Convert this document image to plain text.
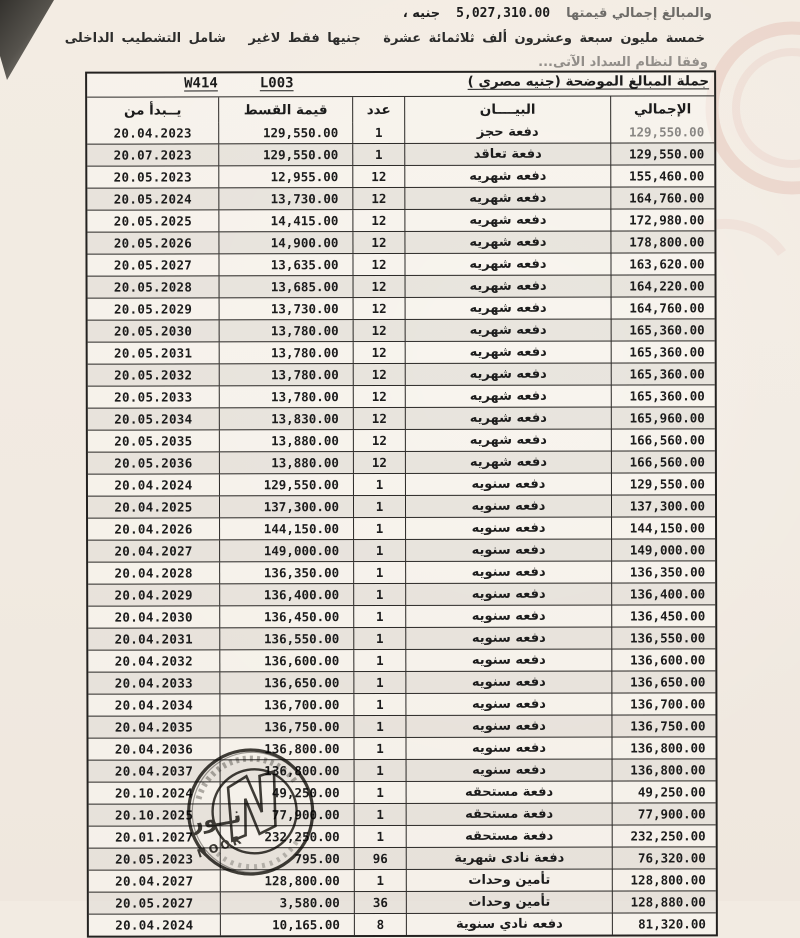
والمبالغ إجمالي قيمتها5,027,310.00جنيه ،
خمسة مليون سبعة وعشرون ألف ثلاثمائة عشرة   جنيها فقط لاغير   شامل التشطيب الداخلى
وفقا لنظام السداد الآتى...
W414	L003	جملة المبالغ الموضحة (جنيه مصري )
يــبدأ من	قيمة القسط	عدد	البيــــان	الإجمالي
20.04.2023	129,550.00	1	دفعة حجز	129,550.00
20.07.2023	129,550.00	1	دفعة تعاقد	129,550.00
20.05.2023	12,955.00	12	دفعه شهريه	155,460.00
20.05.2024	13,730.00	12	دفعه شهريه	164,760.00
20.05.2025	14,415.00	12	دفعه شهريه	172,980.00
20.05.2026	14,900.00	12	دفعه شهريه	178,800.00
20.05.2027	13,635.00	12	دفعه شهريه	163,620.00
20.05.2028	13,685.00	12	دفعه شهريه	164,220.00
20.05.2029	13,730.00	12	دفعه شهريه	164,760.00
20.05.2030	13,780.00	12	دفعه شهريه	165,360.00
20.05.2031	13,780.00	12	دفعه شهريه	165,360.00
20.05.2032	13,780.00	12	دفعه شهريه	165,360.00
20.05.2033	13,780.00	12	دفعه شهريه	165,360.00
20.05.2034	13,830.00	12	دفعه شهريه	165,960.00
20.05.2035	13,880.00	12	دفعه شهريه	166,560.00
20.05.2036	13,880.00	12	دفعه شهريه	166,560.00
20.04.2024	129,550.00	1	دفعه سنويه	129,550.00
20.04.2025	137,300.00	1	دفعه سنويه	137,300.00
20.04.2026	144,150.00	1	دفعه سنويه	144,150.00
20.04.2027	149,000.00	1	دفعه سنويه	149,000.00
20.04.2028	136,350.00	1	دفعه سنويه	136,350.00
20.04.2029	136,400.00	1	دفعه سنويه	136,400.00
20.04.2030	136,450.00	1	دفعه سنويه	136,450.00
20.04.2031	136,550.00	1	دفعه سنويه	136,550.00
20.04.2032	136,600.00	1	دفعه سنويه	136,600.00
20.04.2033	136,650.00	1	دفعه سنويه	136,650.00
20.04.2034	136,700.00	1	دفعه سنويه	136,700.00
20.04.2035	136,750.00	1	دفعه سنويه	136,750.00
20.04.2036	136,800.00	1	دفعه سنويه	136,800.00
20.04.2037	136,800.00	1	دفعه سنويه	136,800.00
20.10.2024	49,250.00	1	دفعة مستحقه	49,250.00
20.10.2025	77,900.00	1	دفعة مستحقه	77,900.00
20.01.2027	232,250.00	1	دفعة مستحقه	232,250.00
20.05.2023	795.00	96	دفعة نادى شهرية	76,320.00
20.04.2027	128,800.00	1	تأمين وحدات	128,800.00
20.05.2027	3,580.00	36	تأمين وحدات	128,880.00
20.04.2024	10,165.00	8	دفعه نادي سنوية	81,320.00
نــور
NOOR
